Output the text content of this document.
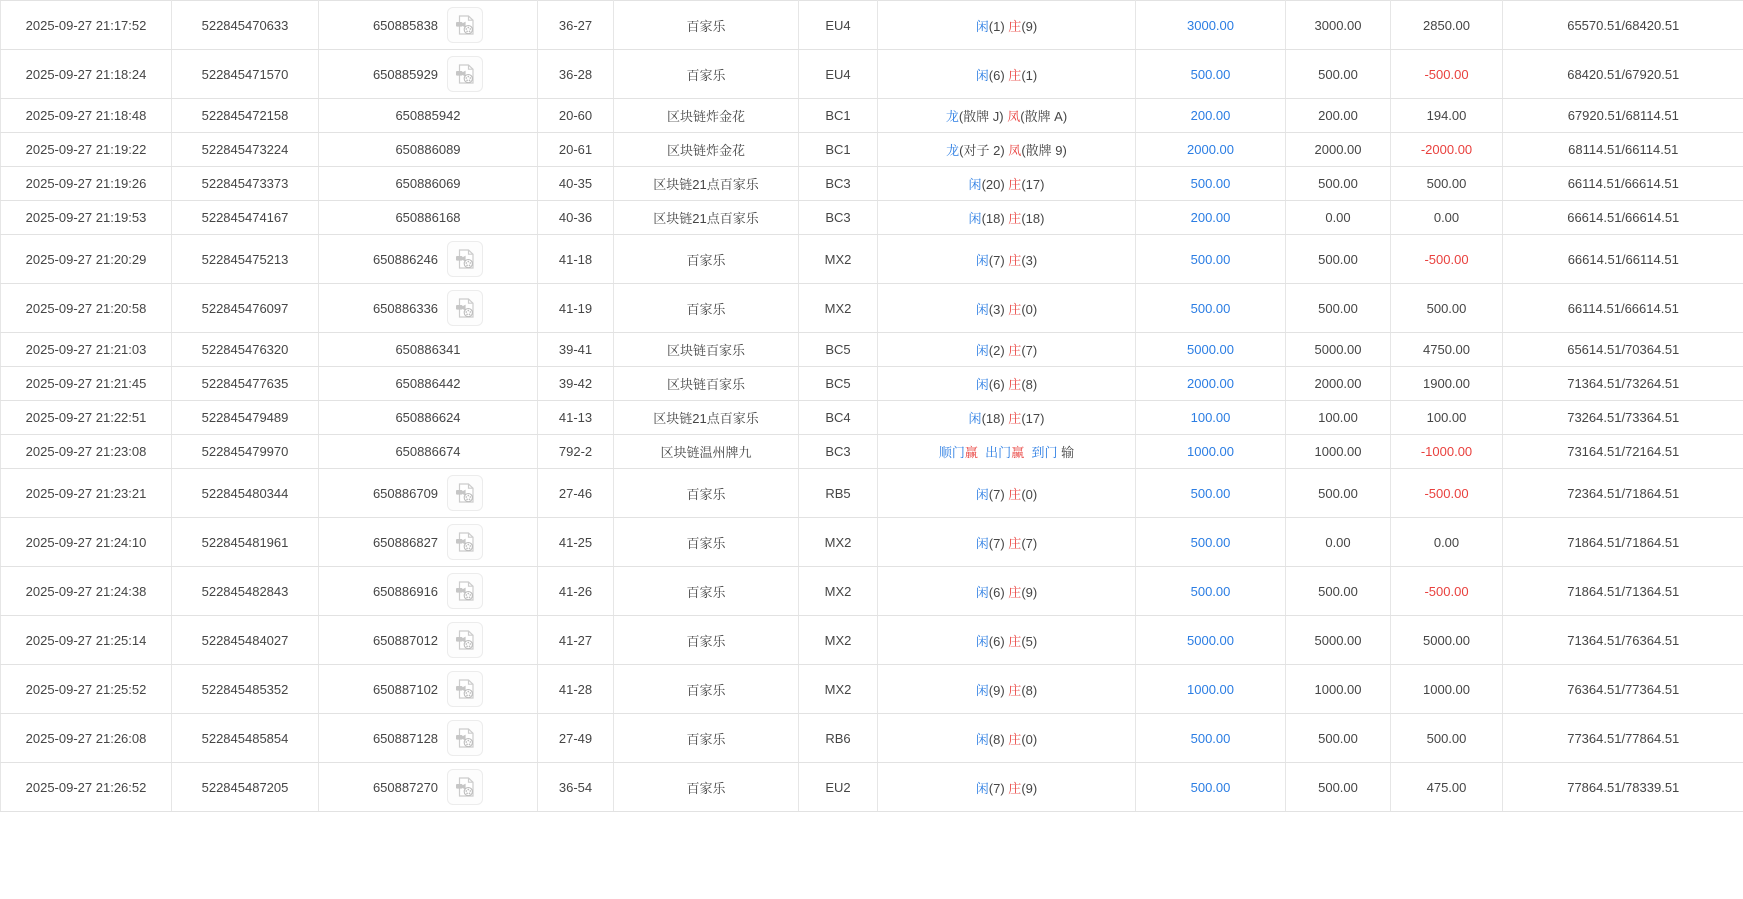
2025-09-27 21:17:52	522845470633	650885838	36-27	百家乐	EU4	闲(1) 庄(9)	3000.00	3000.00	2850.00	65570.51/68420.51
2025-09-27 21:18:24	522845471570	650885929	36-28	百家乐	EU4	闲(6) 庄(1)	500.00	500.00	-500.00	68420.51/67920.51
2025-09-27 21:18:48	522845472158	650885942	20-60	区块链炸金花	BC1	龙(散牌 J) 凤(散牌 A)	200.00	200.00	194.00	67920.51/68114.51
2025-09-27 21:19:22	522845473224	650886089	20-61	区块链炸金花	BC1	龙(对子 2) 凤(散牌 9)	2000.00	2000.00	-2000.00	68114.51/66114.51
2025-09-27 21:19:26	522845473373	650886069	40-35	区块链21点百家乐	BC3	闲(20) 庄(17)	500.00	500.00	500.00	66114.51/66614.51
2025-09-27 21:19:53	522845474167	650886168	40-36	区块链21点百家乐	BC3	闲(18) 庄(18)	200.00	0.00	0.00	66614.51/66614.51
2025-09-27 21:20:29	522845475213	650886246	41-18	百家乐	MX2	闲(7) 庄(3)	500.00	500.00	-500.00	66614.51/66114.51
2025-09-27 21:20:58	522845476097	650886336	41-19	百家乐	MX2	闲(3) 庄(0)	500.00	500.00	500.00	66114.51/66614.51
2025-09-27 21:21:03	522845476320	650886341	39-41	区块链百家乐	BC5	闲(2) 庄(7)	5000.00	5000.00	4750.00	65614.51/70364.51
2025-09-27 21:21:45	522845477635	650886442	39-42	区块链百家乐	BC5	闲(6) 庄(8)	2000.00	2000.00	1900.00	71364.51/73264.51
2025-09-27 21:22:51	522845479489	650886624	41-13	区块链21点百家乐	BC4	闲(18) 庄(17)	100.00	100.00	100.00	73264.51/73364.51
2025-09-27 21:23:08	522845479970	650886674	792-2	区块链温州牌九	BC3	顺门赢 出门赢 到门 输	1000.00	1000.00	-1000.00	73164.51/72164.51
2025-09-27 21:23:21	522845480344	650886709	27-46	百家乐	RB5	闲(7) 庄(0)	500.00	500.00	-500.00	72364.51/71864.51
2025-09-27 21:24:10	522845481961	650886827	41-25	百家乐	MX2	闲(7) 庄(7)	500.00	0.00	0.00	71864.51/71864.51
2025-09-27 21:24:38	522845482843	650886916	41-26	百家乐	MX2	闲(6) 庄(9)	500.00	500.00	-500.00	71864.51/71364.51
2025-09-27 21:25:14	522845484027	650887012	41-27	百家乐	MX2	闲(6) 庄(5)	5000.00	5000.00	5000.00	71364.51/76364.51
2025-09-27 21:25:52	522845485352	650887102	41-28	百家乐	MX2	闲(9) 庄(8)	1000.00	1000.00	1000.00	76364.51/77364.51
2025-09-27 21:26:08	522845485854	650887128	27-49	百家乐	RB6	闲(8) 庄(0)	500.00	500.00	500.00	77364.51/77864.51
2025-09-27 21:26:52	522845487205	650887270	36-54	百家乐	EU2	闲(7) 庄(9)	500.00	500.00	475.00	77864.51/78339.51
